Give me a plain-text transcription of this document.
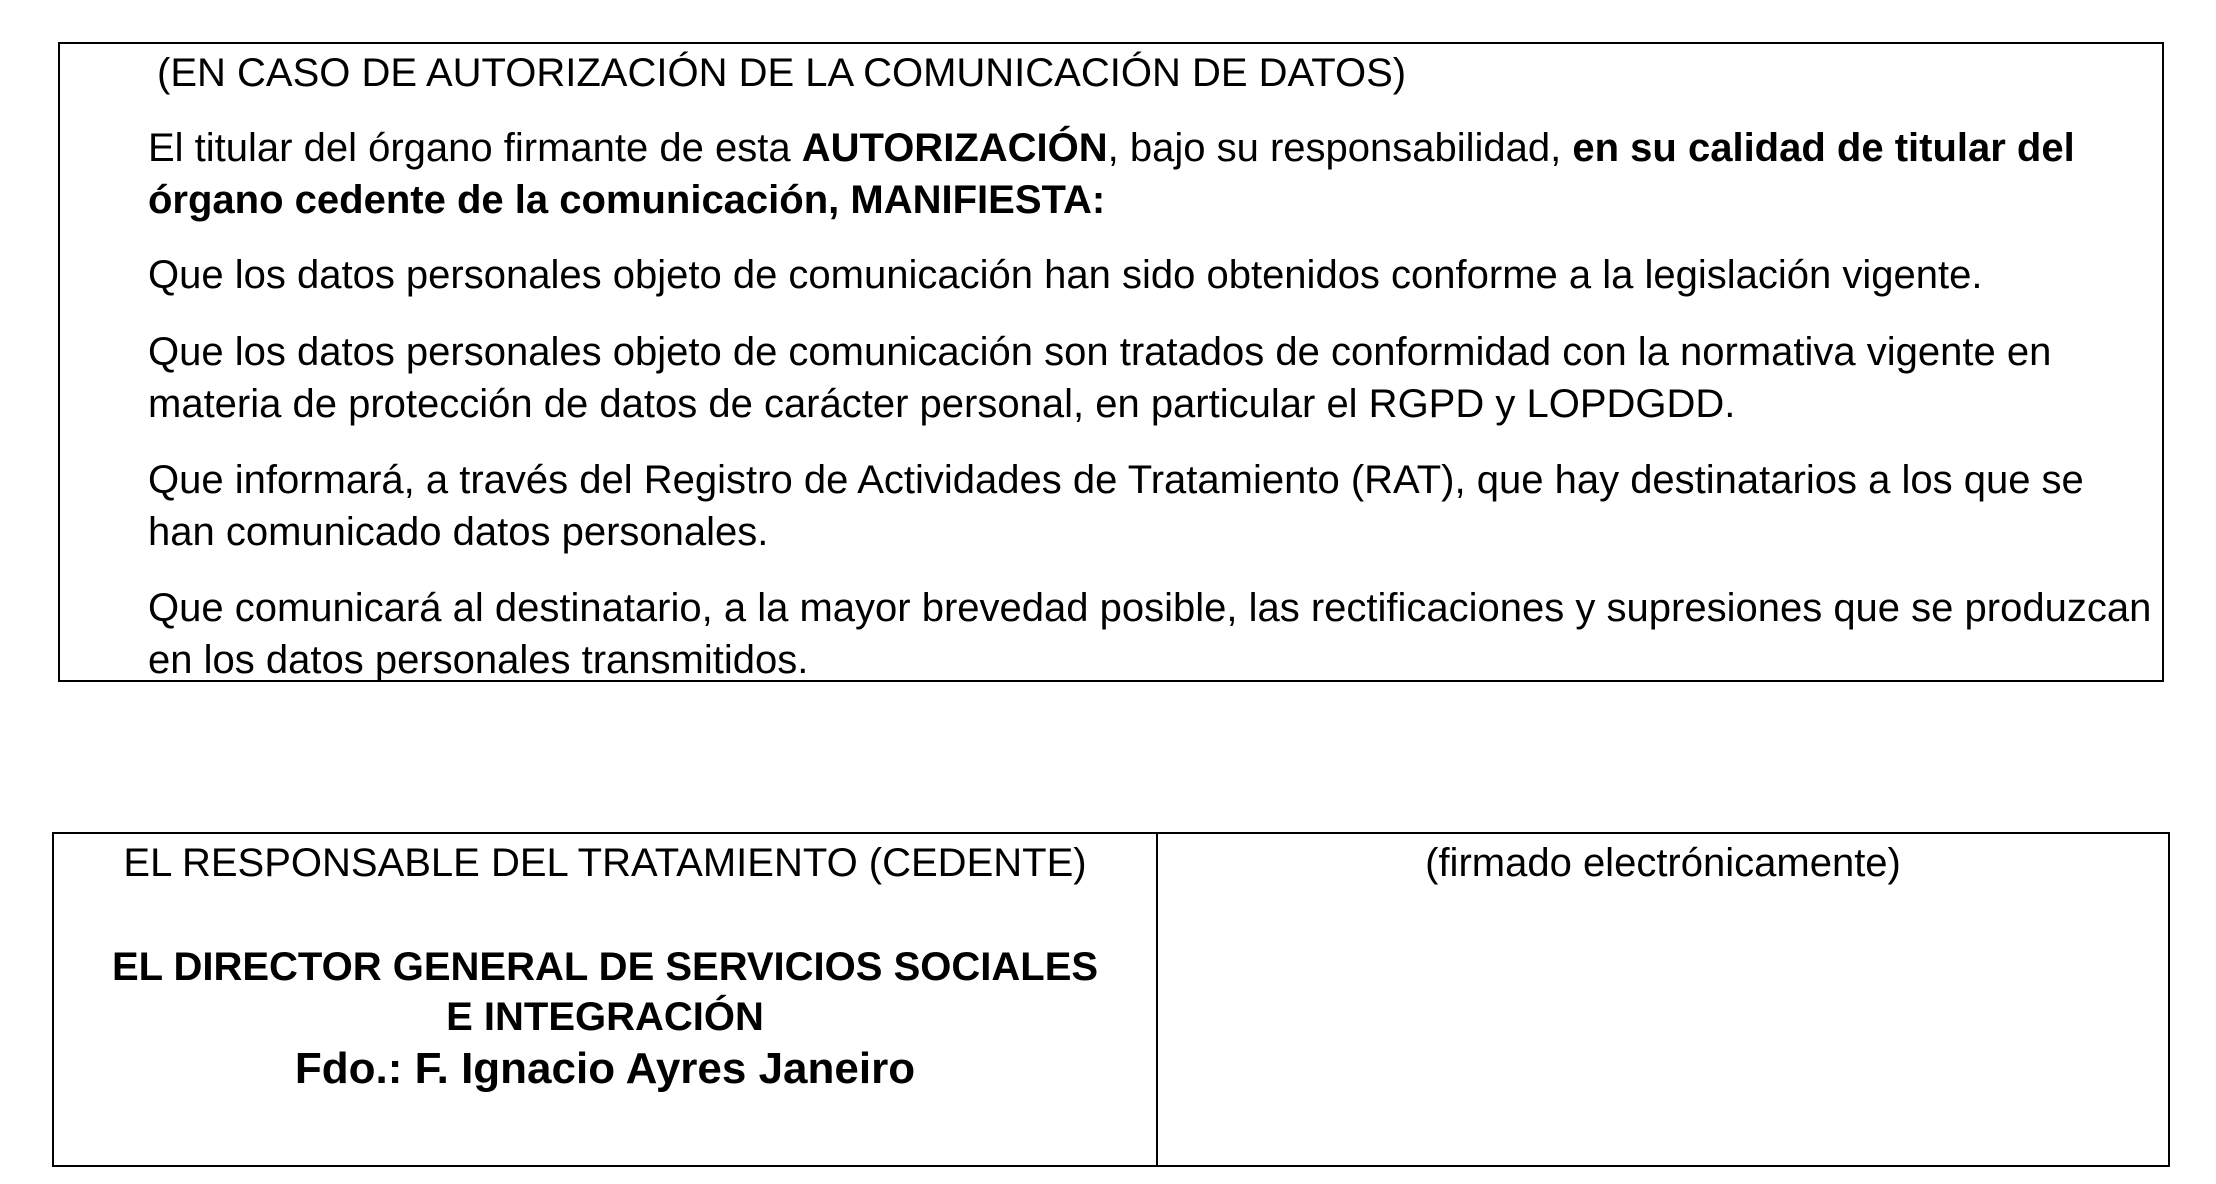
(EN CASO DE AUTORIZACIÓN DE LA COMUNICACIÓN DE DATOS)

El titular del órgano firmante de esta AUTORIZACIÓN, bajo su responsabilidad, en su calidad de titular del órgano cedente de la comunicación, MANIFIESTA:

Que los datos personales objeto de comunicación han sido obtenidos conforme a la legislación vigente.

Que los datos personales objeto de comunicación son tratados de conformidad con la normativa vigente en materia de protección de datos de carácter personal, en particular el RGPD y LOPDGDD.

Que informará, a través del Registro de Actividades de Tratamiento (RAT), que hay destinatarios a los que se han comunicado datos personales.

Que comunicará al destinatario, a la mayor brevedad posible, las rectificaciones y supresiones que se produzcan en los datos personales transmitidos.

EL RESPONSABLE DEL TRATAMIENTO (CEDENTE)

EL DIRECTOR GENERAL DE SERVICIOS SOCIALES
E INTEGRACIÓN

Fdo.: F. Ignacio Ayres Janeiro

(firmado electrónicamente)
